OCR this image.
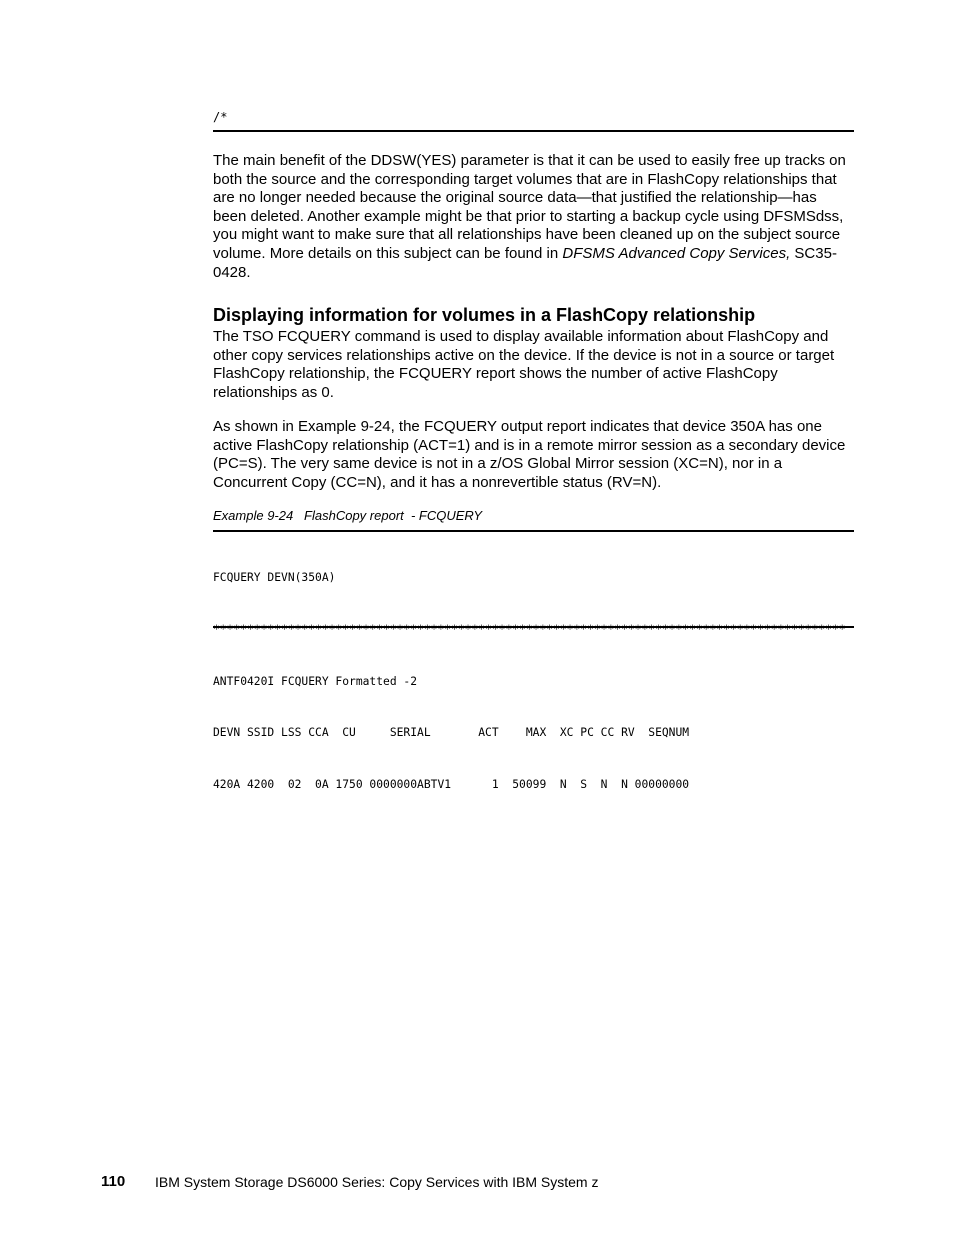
/*

The main benefit of the DDSW(YES) parameter is that it can be used to easily free up tracks on both the source and the corresponding target volumes that are in FlashCopy relationships that are no longer needed because the original source data—that justified the relationship—has been deleted. Another example might be that prior to starting a backup cycle using DFSMSdss, you might want to make sure that all relationships have been cleaned up on the subject source volume. More details on this subject can be found in DFSMS Advanced Copy Services, SC35-0428.

Displaying information for volumes in a FlashCopy relationship

The TSO FCQUERY command is used to display available information about FlashCopy and other copy services relationships active on the device. If the device is not in a source or target FlashCopy relationship, the FCQUERY report shows the number of active FlashCopy relationships as 0.

As shown in Example 9-24, the FCQUERY output report indicates that device 350A has one active FlashCopy relationship (ACT=1) and is in a remote mirror session as a secondary device (PC=S). The very same device is not in a z/OS Global Mirror session (XC=N), nor in a Concurrent Copy (CC=N), and it has a nonrevertible status (RV=N).

Example 9-24   FlashCopy report  - FCQUERY

FCQUERY DEVN(350A)

*********************************************************************************************

ANTF0420I FCQUERY Formatted -2

DEVN SSID LSS CCA  CU     SERIAL       ACT    MAX  XC PC CC RV  SEQNUM

420A 4200  02  0A 1750 0000000ABTV1      1  50099  N  S  N  N 00000000

110 IBM System Storage DS6000 Series: Copy Services with IBM System z
